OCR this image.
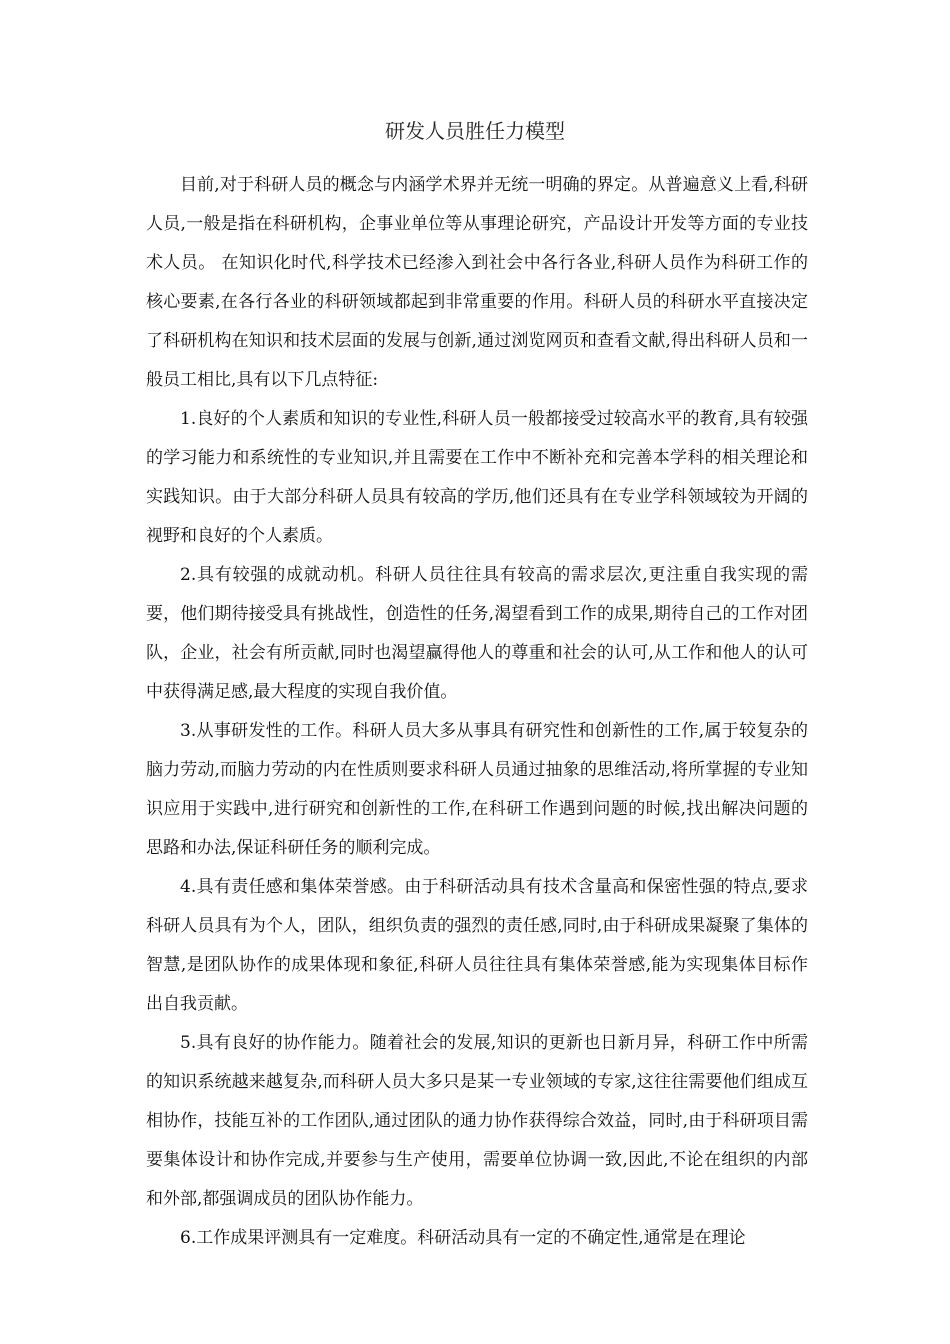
研发人员胜任力模型

目前,对于科研人员的概念与内涵学术界并无统一明确的界定。从普遍意义上看,科研人员,一般是指在科研机构，企事业单位等从事理论研究，产品设计开发等方面的专业技术人员。 在知识化时代,科学技术已经渗入到社会中各行各业,科研人员作为科研工作的核心要素,在各行各业的科研领域都起到非常重要的作用。科研人员的科研水平直接决定了科研机构在知识和技术层面的发展与创新,通过浏览网页和查看文献,得出科研人员和一般员工相比,具有以下几点特征:

1.良好的个人素质和知识的专业性,科研人员一般都接受过较高水平的教育,具有较强的学习能力和系统性的专业知识,并且需要在工作中不断补充和完善本学科的相关理论和实践知识。由于大部分科研人员具有较高的学历,他们还具有在专业学科领域较为开阔的视野和良好的个人素质。

2.具有较强的成就动机。科研人员往往具有较高的需求层次,更注重自我实现的需要，他们期待接受具有挑战性，创造性的任务,渴望看到工作的成果,期待自己的工作对团队，企业，社会有所贡献,同时也渴望赢得他人的尊重和社会的认可,从工作和他人的认可中获得满足感,最大程度的实现自我价值。

3.从事研发性的工作。科研人员大多从事具有研究性和创新性的工作,属于较复杂的脑力劳动,而脑力劳动的内在性质则要求科研人员通过抽象的思维活动,将所掌握的专业知识应用于实践中,进行研究和创新性的工作,在科研工作遇到问题的时候,找出解决问题的思路和办法,保证科研任务的顺利完成。

4.具有责任感和集体荣誉感。由于科研活动具有技术含量高和保密性强的特点,要求科研人员具有为个人，团队，组织负责的强烈的责任感,同时,由于科研成果凝聚了集体的智慧,是团队协作的成果体现和象征,科研人员往往具有集体荣誉感,能为实现集体目标作出自我贡献。

5.具有良好的协作能力。随着社会的发展,知识的更新也日新月异，科研工作中所需的知识系统越来越复杂,而科研人员大多只是某一专业领域的专家,这往往需要他们组成互相协作，技能互补的工作团队,通过团队的通力协作获得综合效益，同时,由于科研项目需要集体设计和协作完成,并要参与生产使用，需要单位协调一致,因此,不论在组织的内部和外部,都强调成员的团队协作能力。

6.工作成果评测具有一定难度。科研活动具有一定的不确定性,通常是在理论
